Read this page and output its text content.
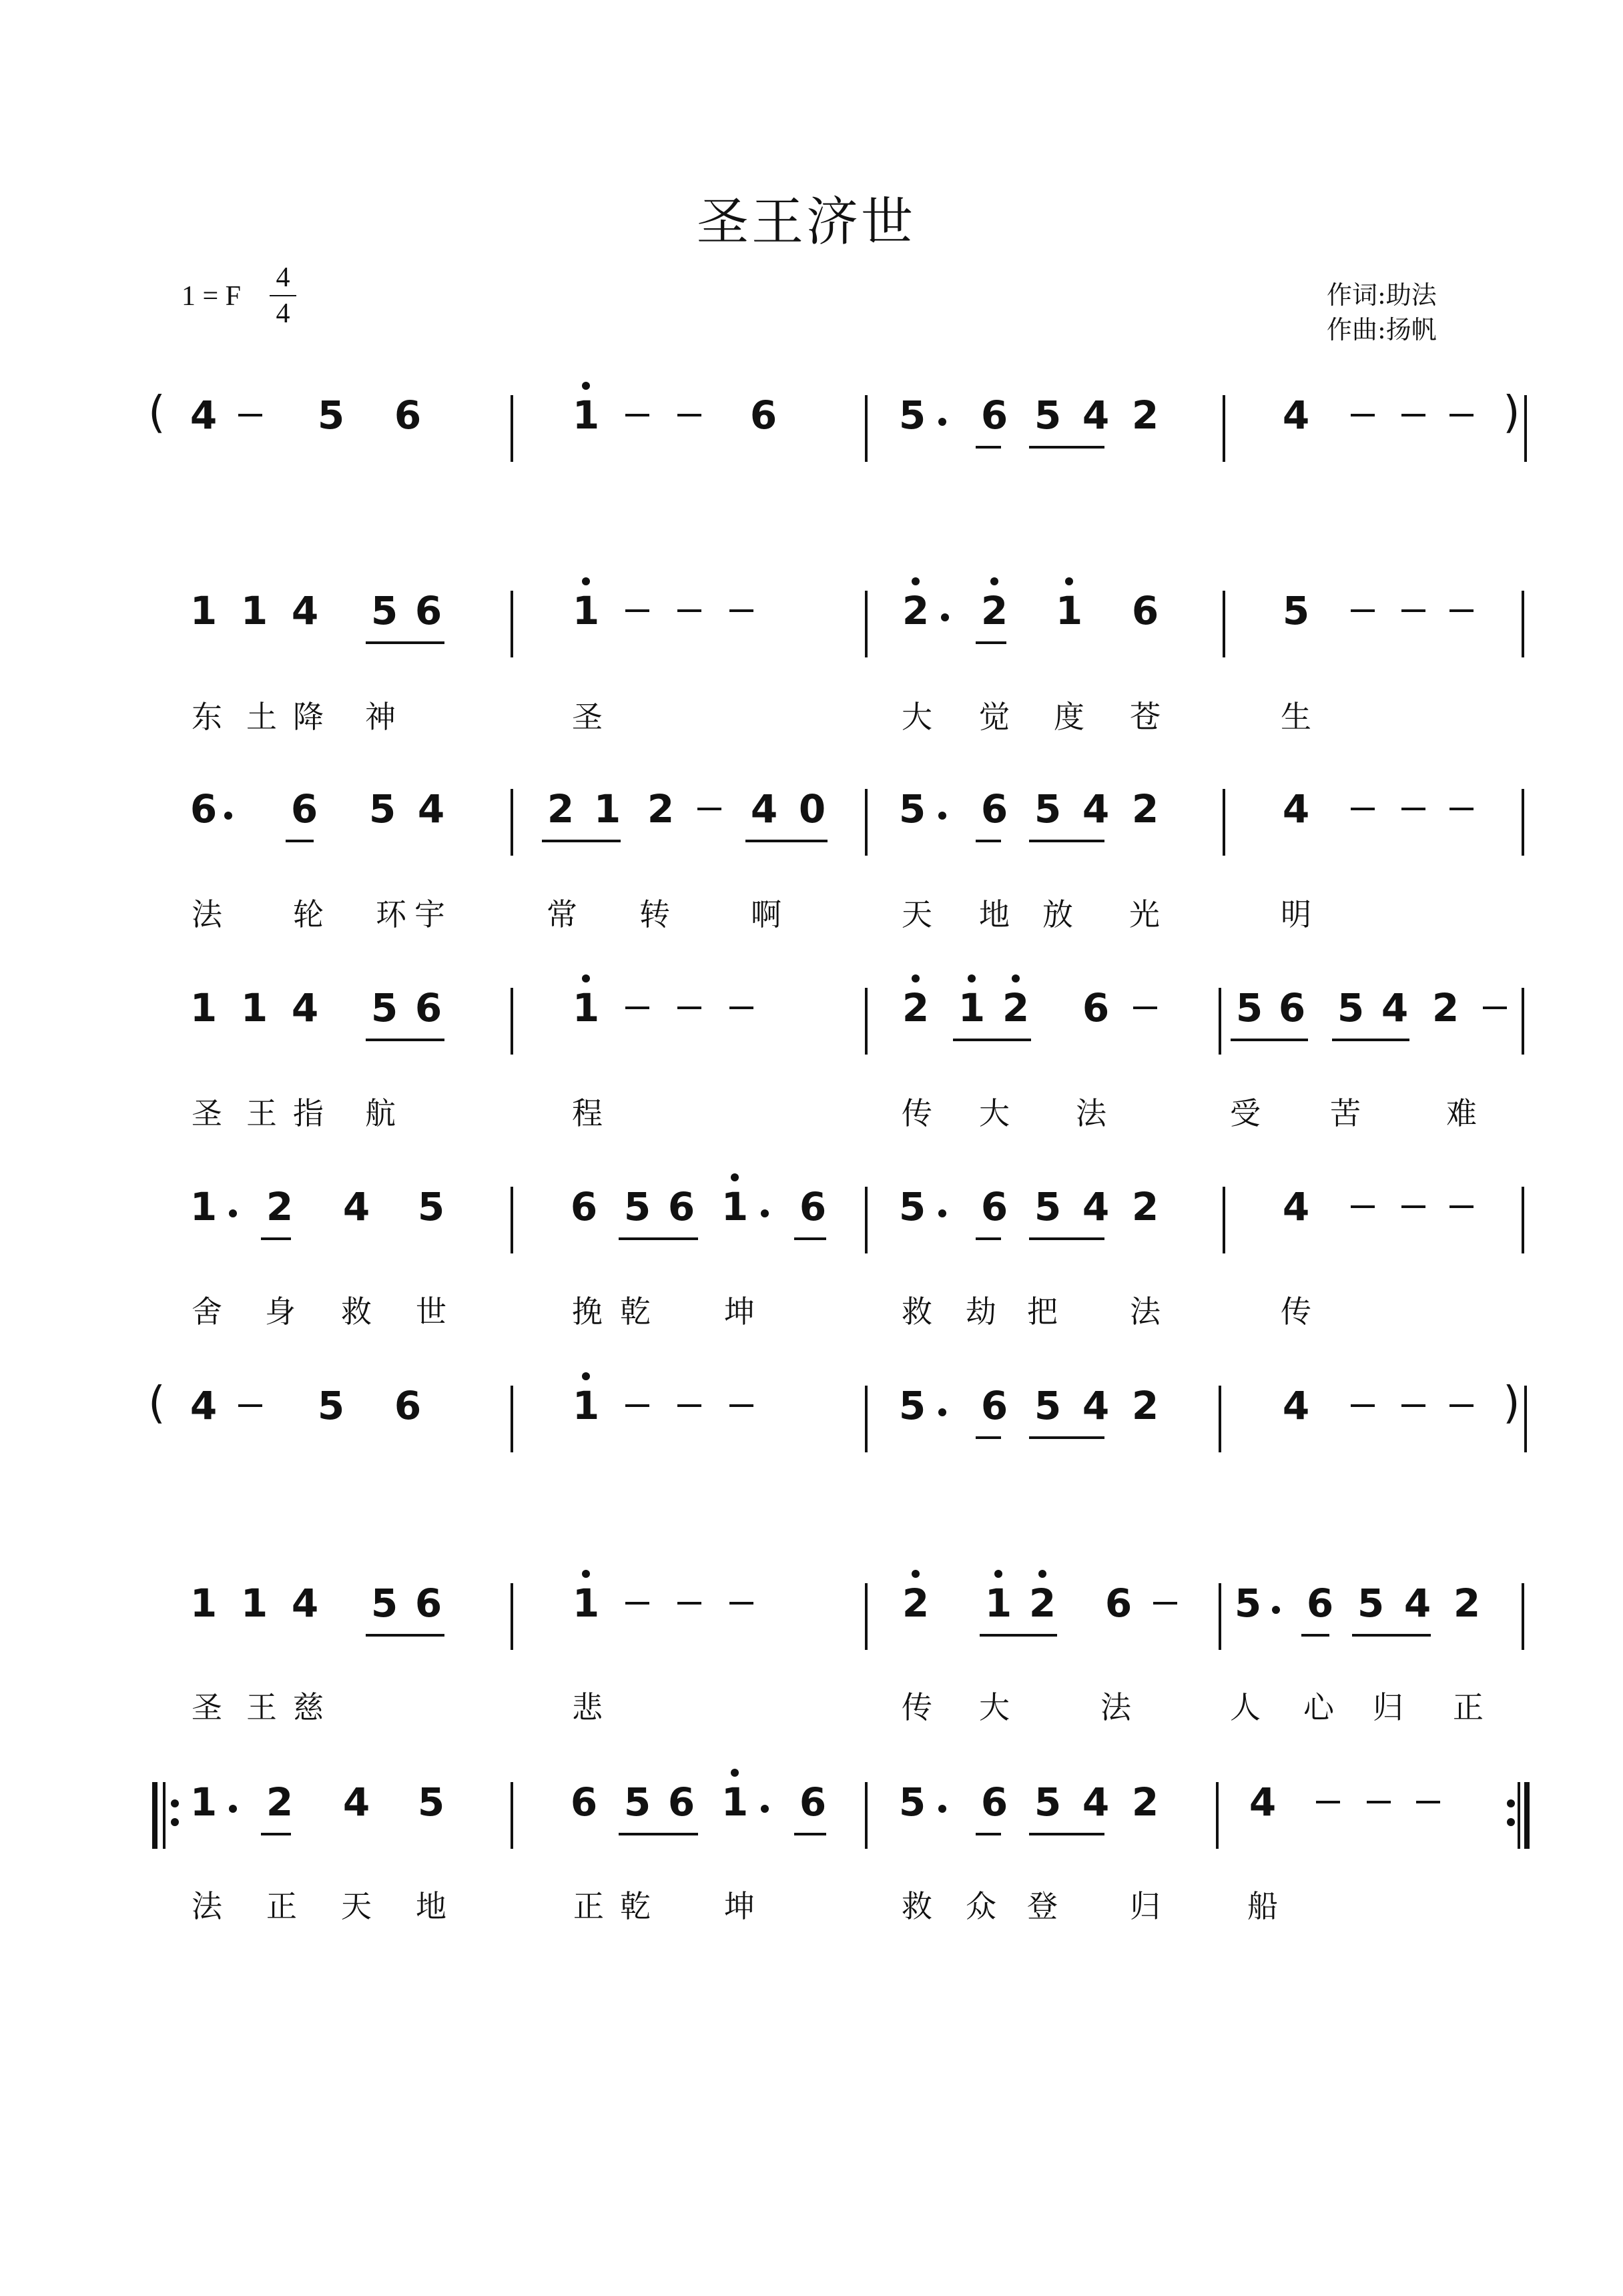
圣王济世
1 = F
4
4
作词:助法
作曲:扬帆
4	5 6	1	6	5 6 5 4 2	4
(	)
1 1 4 5 6	1	2 2 1 6	5
东 土 降 神	圣	大 觉 度 苍	生
6 6 5 4	2 1 2 4 0 5 6 5 4 2	4
法 轮 环 宇	常 转	啊	天 地 放 光	明
1 1 4 5 6	1	2 1 2 6	5 6 5 4 2
圣 王 指 航	程	传 大 法	受 苦	难
1 2 4 5	6 5 6 1 6 5 6 5 4 2	4
舍 身 救 世	挽 乾 坤	救 劫 把 法	传
4	5 6	1	5 6 5 4 2	4
(	)
1 1 4 5 6	1	2 1 2 6	5 6 5 4 2
圣 王 慈	悲	传 大	法	人 心 归 正
1 2 4 5	6 5 6 1 6 5 6 5 4 2 4
法 正 天 地	正 乾 坤	救 众 登 归	船
